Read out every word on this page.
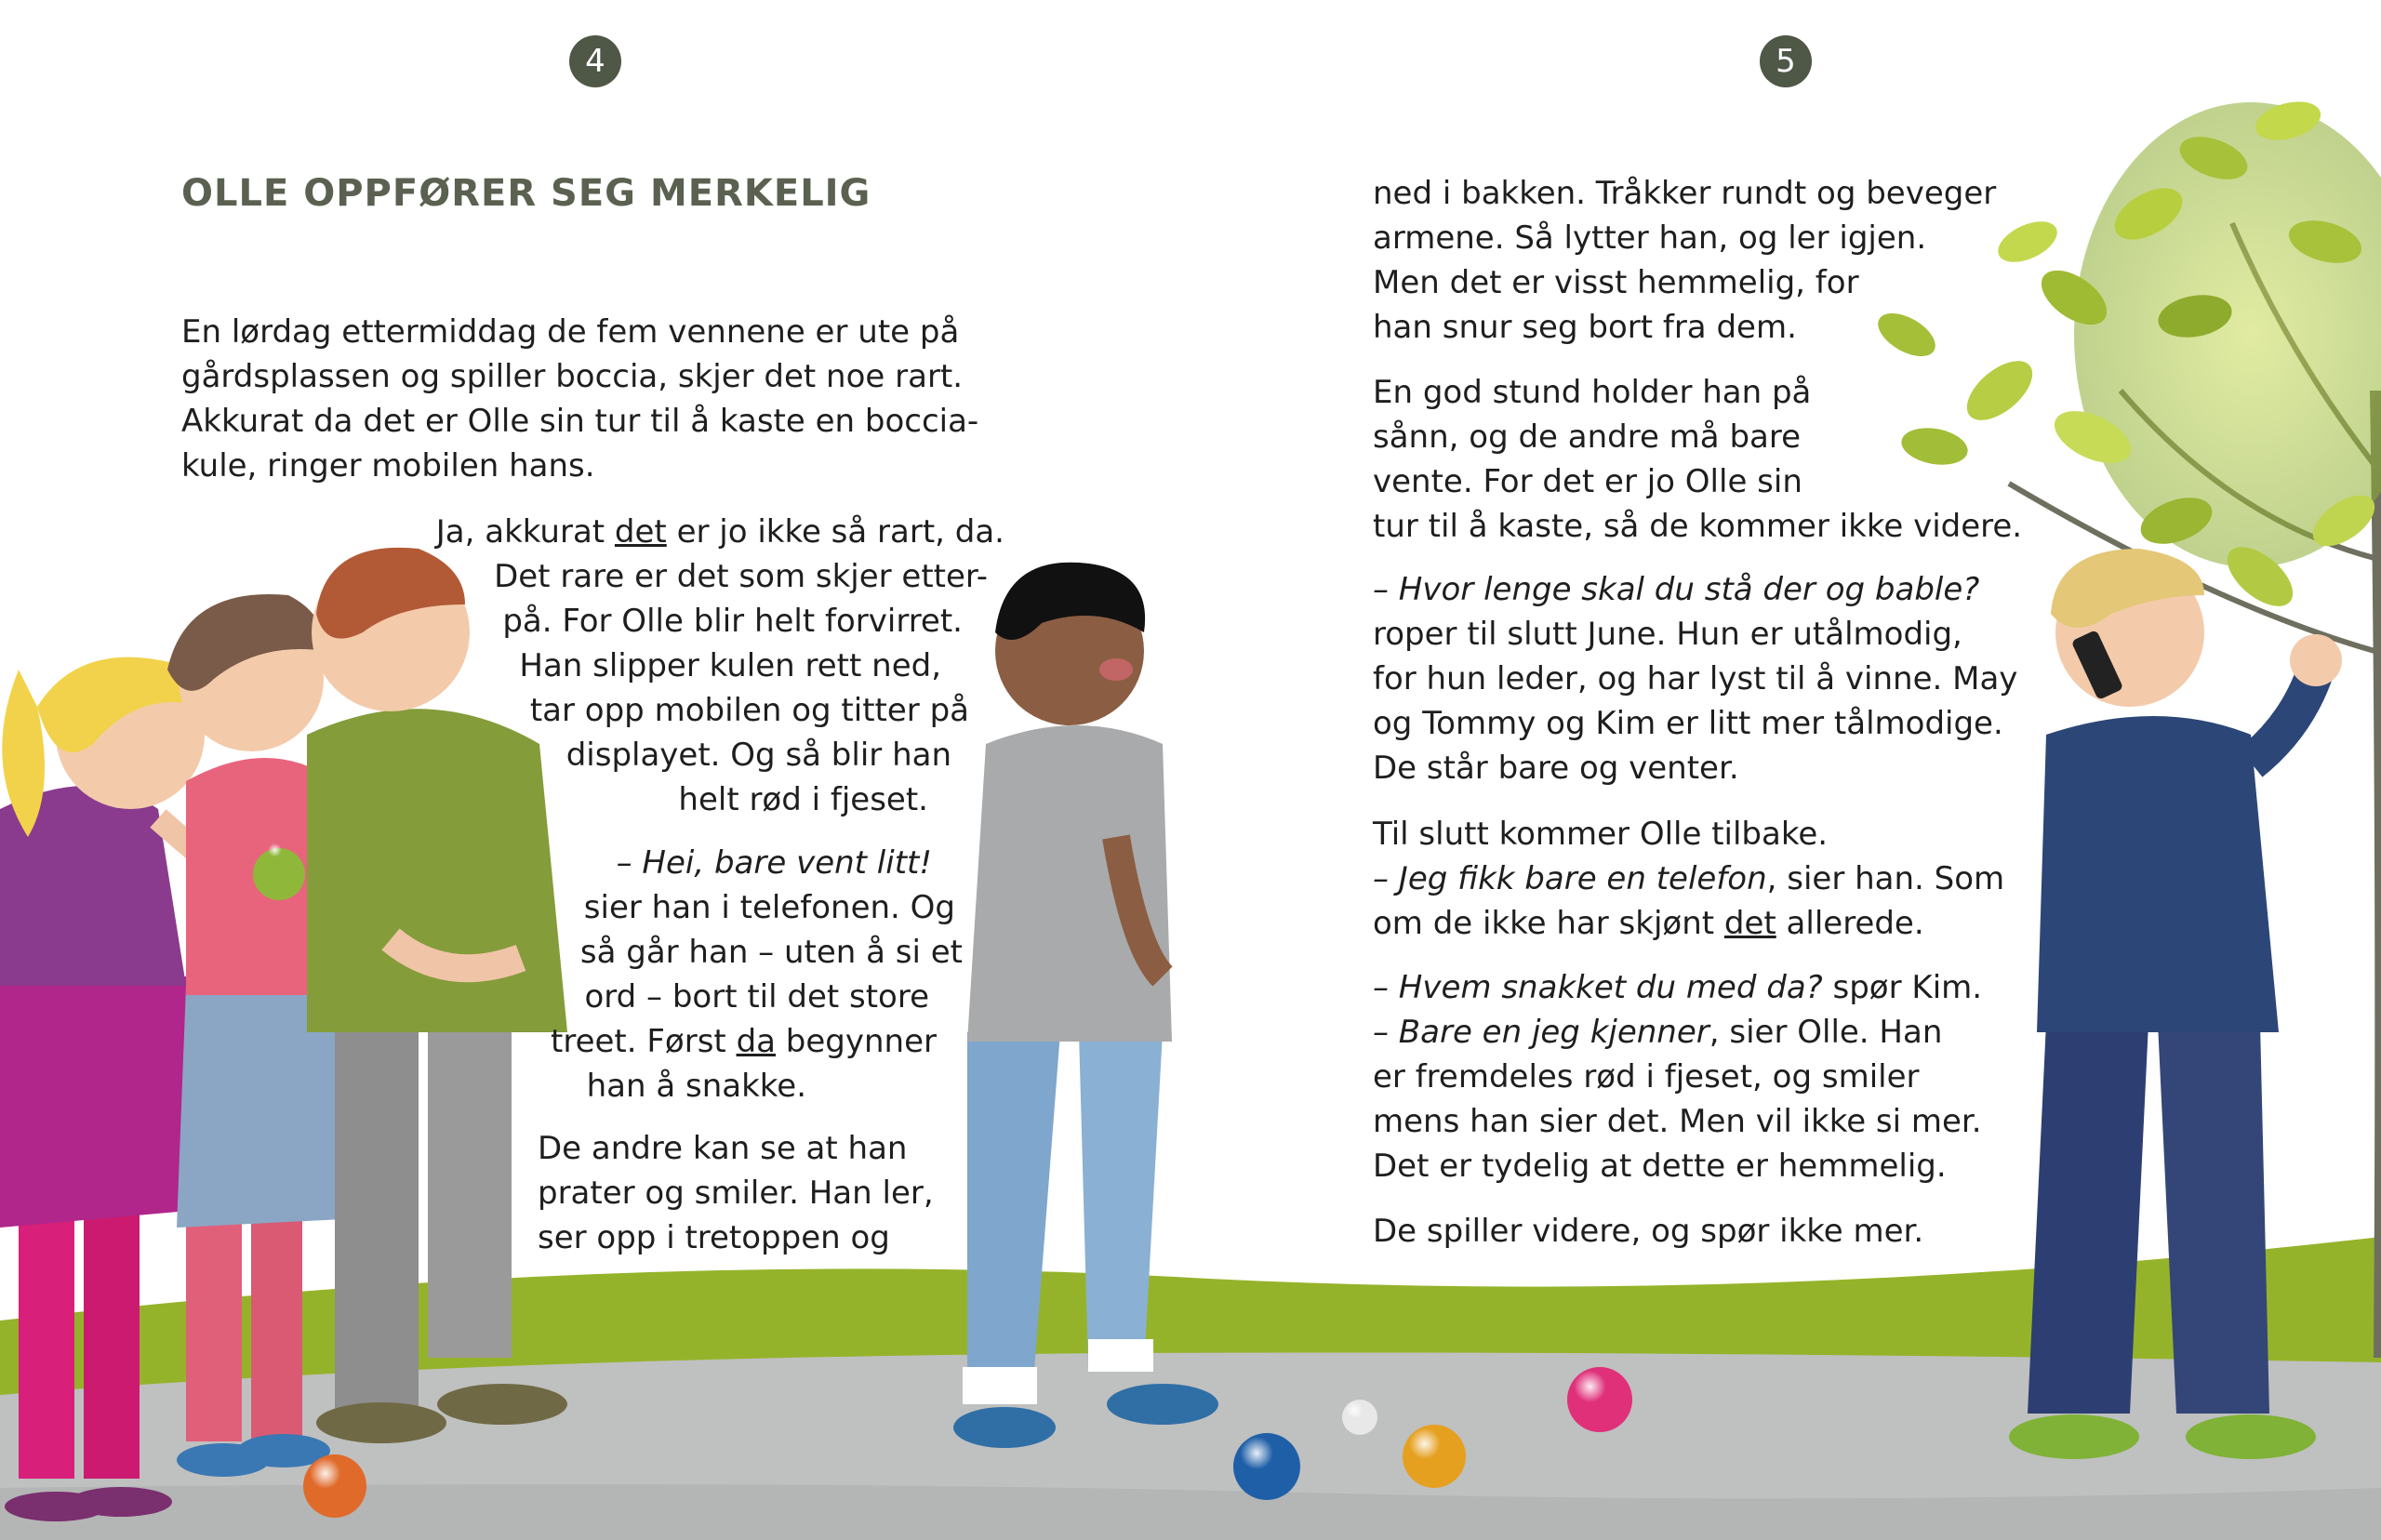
4	5
OLLE OPPFØRER SEG MERKELIG
En lørdag ettermiddag de fem vennene er ute på
gårdsplassen og spiller boccia, skjer det noe rart.
Akkurat da det er Olle sin tur til å kaste en boccia-
kule, ringer mobilen hans.
Ja, akkurat det er jo ikke så rart, da.
Det rare er det som skjer etter-
på. For Olle blir helt forvirret.
Han slipper kulen rett ned,
tar opp mobilen og titter på
displayet. Og så blir han
helt rød i fjeset.
– Hei, bare vent litt!
sier han i telefonen. Og
så går han – uten å si et
ord – bort til det store
treet. Først da begynner
han å snakke.
De andre kan se at han
prater og smiler. Han ler,
ser opp i tretoppen og
ned i bakken. Tråkker rundt og beveger
armene. Så lytter han, og ler igjen.
Men det er visst hemmelig, for
han snur seg bort fra dem.
En god stund holder han på
sånn, og de andre må bare
vente. For det er jo Olle sin
tur til å kaste, så de kommer ikke videre.
– Hvor lenge skal du stå der og bable?
roper til slutt June. Hun er utålmodig,
for hun leder, og har lyst til å vinne. May
og Tommy og Kim er litt mer tålmodige.
De står bare og venter.
Til slutt kommer Olle tilbake.
– Jeg fikk bare en telefon, sier han. Som
om de ikke har skjønt det allerede.
– Hvem snakket du med da? spør Kim.
– Bare en jeg kjenner, sier Olle. Han
er fremdeles rød i fjeset, og smiler
mens han sier det. Men vil ikke si mer.
Det er tydelig at dette er hemmelig.
De spiller videre, og spør ikke mer.
